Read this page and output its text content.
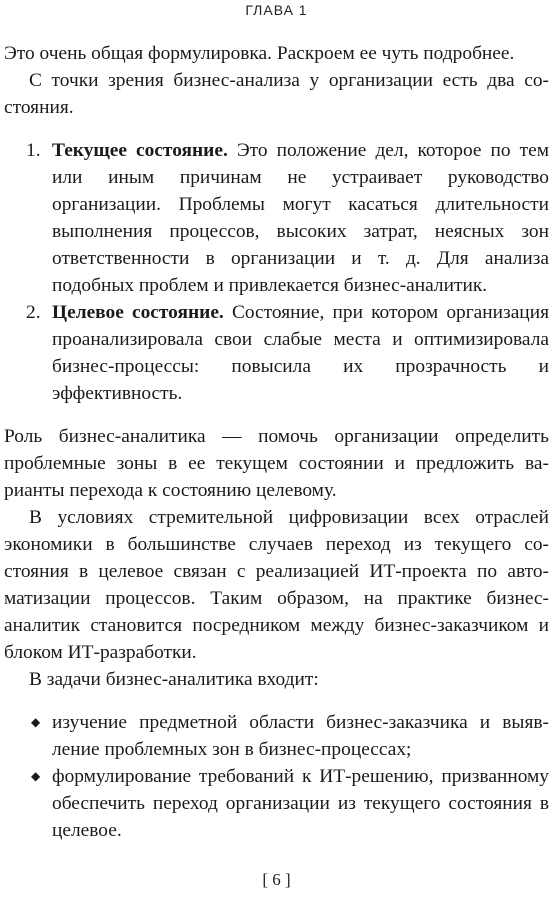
ГЛАВА 1

Это очень общая формулировка. Раскроем ее чуть подробнее.

С точки зрения бизнес-анализа у организации есть два состояния.

1. Текущее состояние. Это положение дел, которое по тем или иным причинам не устраивает руководство организации. Проблемы могут касаться длительности выполнения процессов, высоких затрат, неясных зон ответственности в организации и т. д. Для анализа подобных проблем и привлекается бизнес-аналитик.
2. Целевое состояние. Состояние, при котором организация проанализировала свои слабые места и оптимизировала бизнес-процессы: повысила их прозрачность и эффективность.

Роль бизнес-аналитика — помочь организации определить проблемные зоны в ее текущем состоянии и предложить варианты перехода к состоянию целевому.

В условиях стремительной цифровизации всех отраслей экономики в большинстве случаев переход из текущего состояния в целевое связан с реализацией ИТ-проекта по автоматизации процессов. Таким образом, на практике бизнес-аналитик становится посредником между бизнес-заказчиком и блоком ИТ-разработки.

В задачи бизнес-аналитика входит:

◆ изучение предметной области бизнес-заказчика и выявление проблемных зон в бизнес-процессах;
◆ формулирование требований к ИТ-решению, призванному обеспечить переход организации из текущего состояния в целевое.
[ 6 ]
